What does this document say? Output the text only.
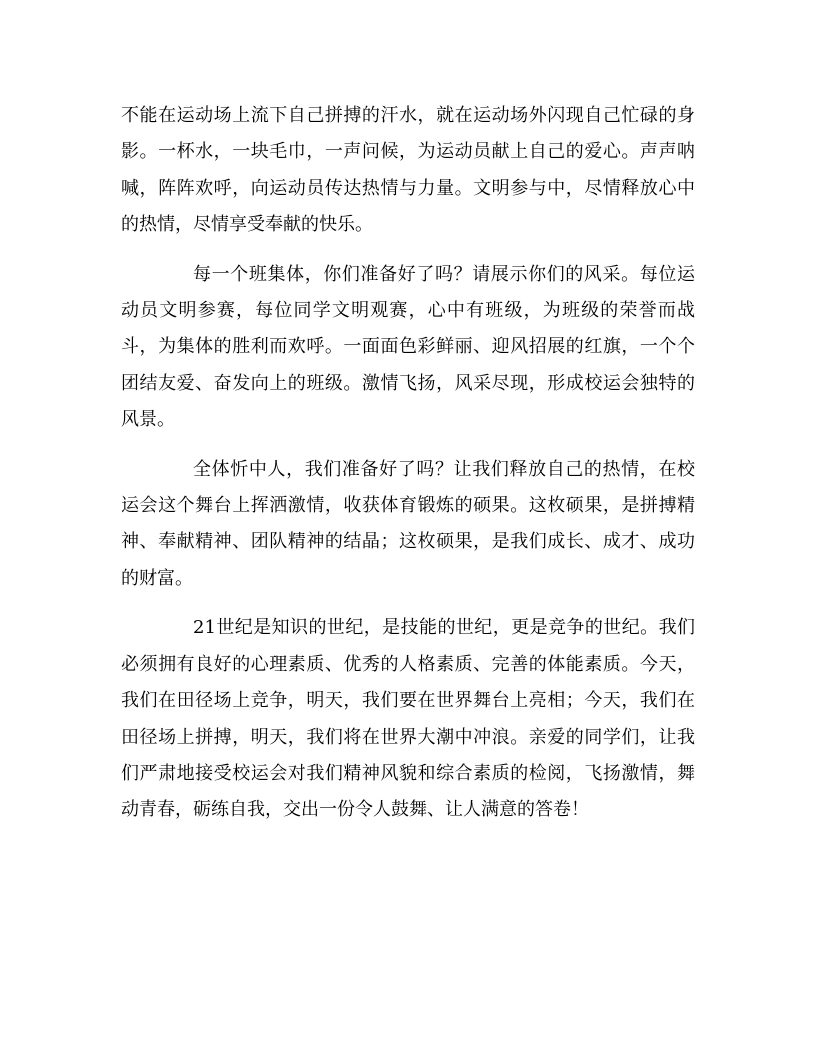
不能在运动场上流下自己拼搏的汗水，就在运动场外闪现自己忙碌的身影。一杯水，一块毛巾，一声问候，为运动员献上自己的爱心。声声呐喊，阵阵欢呼，向运动员传达热情与力量。文明参与中，尽情释放心中的热情，尽情享受奉献的快乐。

每一个班集体，你们准备好了吗？请展示你们的风采。每位运动员文明参赛，每位同学文明观赛，心中有班级，为班级的荣誉而战斗，为集体的胜利而欢呼。一面面色彩鲜丽、迎风招展的红旗，一个个团结友爱、奋发向上的班级。激情飞扬，风采尽现，形成校运会独特的风景。

全体忻中人，我们准备好了吗？让我们释放自己的热情，在校运会这个舞台上挥洒激情，收获体育锻炼的硕果。这枚硕果，是拼搏精神、奉献精神、团队精神的结晶；这枚硕果，是我们成长、成才、成功的财富。

21世纪是知识的世纪，是技能的世纪，更是竞争的世纪。我们必须拥有良好的心理素质、优秀的人格素质、完善的体能素质。今天，我们在田径场上竞争，明天，我们要在世界舞台上亮相；今天，我们在田径场上拼搏，明天，我们将在世界大潮中冲浪。亲爱的同学们，让我们严肃地接受校运会对我们精神风貌和综合素质的检阅，飞扬激情，舞动青春，砺练自我，交出一份令人鼓舞、让人满意的答卷！
